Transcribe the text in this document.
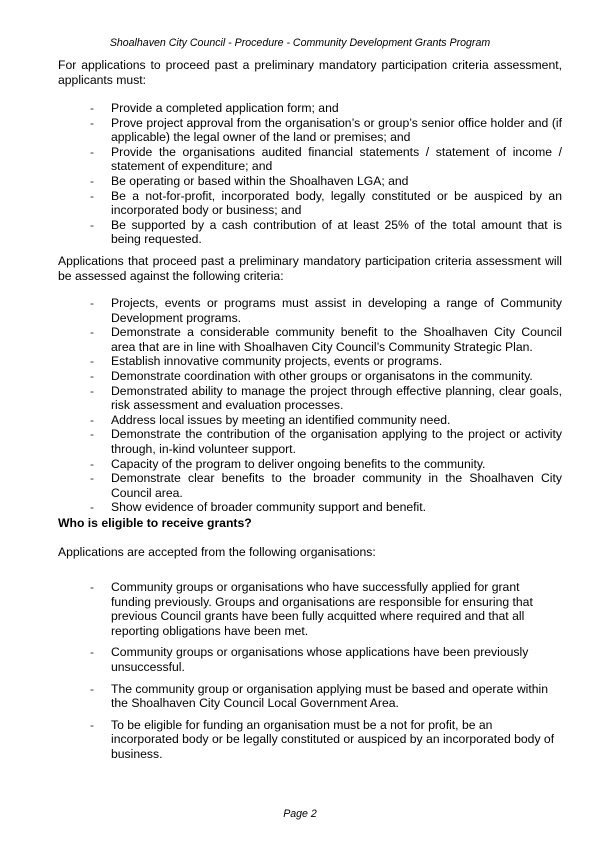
Shoalhaven City Council - Procedure - Community Development Grants Program
For applications to proceed past a preliminary mandatory participation criteria assessment, applicants must:
-	Provide a completed application form; and
-	Prove project approval from the organisation’s or group’s senior office holder and (if applicable) the legal owner of the land or premises; and
-	Provide the organisations audited financial statements / statement of income / statement of expenditure; and
-	Be operating or based within the Shoalhaven LGA; and
-	Be a not-for-profit, incorporated body, legally constituted or be auspiced by an incorporated body or business; and
-	Be supported by a cash contribution of at least 25% of the total amount that is being requested.
Applications that proceed past a preliminary mandatory participation criteria assessment will be assessed against the following criteria:
-	Projects, events or programs must assist in developing a range of Community Development programs.
-	Demonstrate a considerable community benefit to the Shoalhaven City Council area that are in line with Shoalhaven City Council’s Community Strategic Plan.
-	Establish innovative community projects, events or programs.
-	Demonstrate coordination with other groups or organisatons in the community.
-	Demonstrated ability to manage the project through effective planning, clear goals, risk assessment and evaluation processes.
-	Address local issues by meeting an identified community need.
-	Demonstrate the contribution of the organisation applying to the project or activity through, in-kind volunteer support.
-	Capacity of the program to deliver ongoing benefits to the community.
-	Demonstrate clear benefits to the broader community in the Shoalhaven City Council area.
-	Show evidence of broader community support and benefit.
Who is eligible to receive grants?
Applications are accepted from the following organisations:
-	Community groups or organisations who have successfully applied for grant funding previously. Groups and organisations are responsible for ensuring that previous Council grants have been fully acquitted where required and that all reporting obligations have been met.
-	Community groups or organisations whose applications have been previously unsuccessful.
-	The community group or organisation applying must be based and operate within the Shoalhaven City Council Local Government Area.
-	To be eligible for funding an organisation must be a not for profit, be an incorporated body or be legally constituted or auspiced by an incorporated body of business.
Page 2
